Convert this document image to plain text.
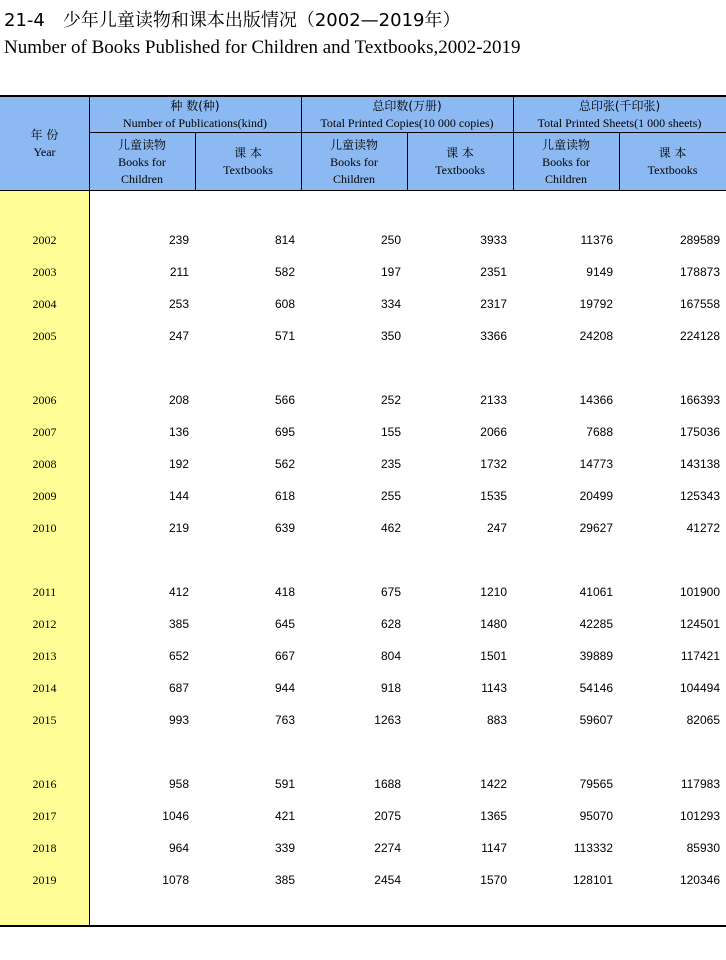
21-4　少年儿童读物和课本出版情况（2002—2019年）
Number of Books Published for Children and Textbooks,2002-2019
年 份
Year
种 数(种)
Number of Publications(kind)
总印数(万册)
Total Printed Copies(10 000 copies)
总印张(千印张)
Total Printed Sheets(1 000 sheets)
儿童读物
Books for
Children
课 本
Textbooks
儿童读物
Books for
Children
课 本
Textbooks
儿童读物
Books for
Children
课 本
Textbooks
2002	239	814	250	3933	11376	289589
2003	211	582	197	2351	9149	178873
2004	253	608	334	2317	19792	167558
2005	247	571	350	3366	24208	224128
2006	208	566	252	2133	14366	166393
2007	136	695	155	2066	7688	175036
2008	192	562	235	1732	14773	143138
2009	144	618	255	1535	20499	125343
2010	219	639	462	247	29627	41272
2011	412	418	675	1210	41061	101900
2012	385	645	628	1480	42285	124501
2013	652	667	804	1501	39889	117421
2014	687	944	918	1143	54146	104494
2015	993	763	1263	883	59607	82065
2016	958	591	1688	1422	79565	117983
2017	1046	421	2075	1365	95070	101293
2018	964	339	2274	1147	113332	85930
2019	1078	385	2454	1570	128101	120346
